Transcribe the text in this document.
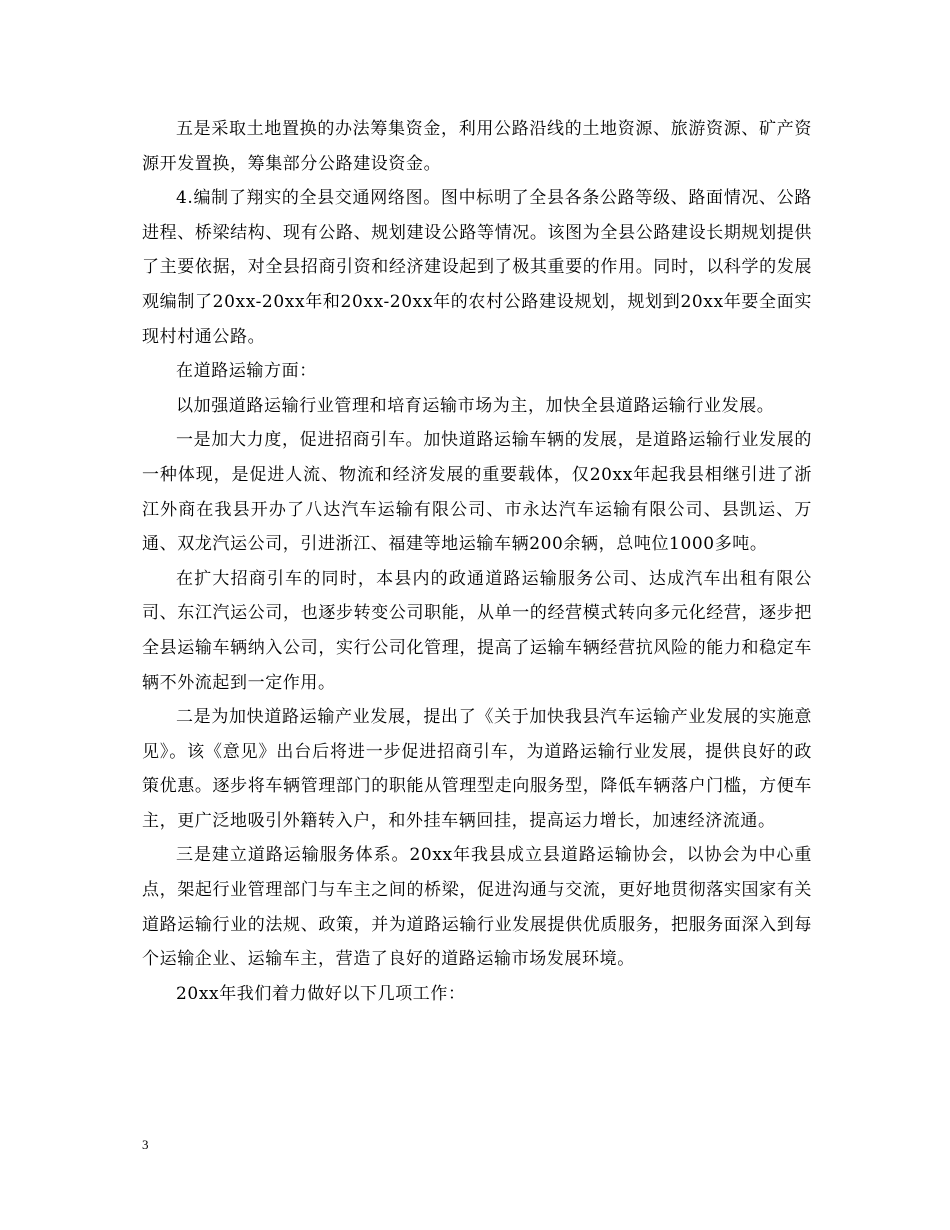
五是采取土地置换的办法筹集资金，利用公路沿线的土地资源、旅游资源、矿产资源开发置换，筹集部分公路建设资金。

4.编制了翔实的全县交通网络图。图中标明了全县各条公路等级、路面情况、公路进程、桥梁结构、现有公路、规划建设公路等情况。该图为全县公路建设长期规划提供了主要依据，对全县招商引资和经济建设起到了极其重要的作用。同时，以科学的发展观编制了20xx-20xx年和20xx-20xx年的农村公路建设规划，规划到20xx年要全面实现村村通公路。

在道路运输方面：

以加强道路运输行业管理和培育运输市场为主，加快全县道路运输行业发展。

一是加大力度，促进招商引车。加快道路运输车辆的发展，是道路运输行业发展的一种体现，是促进人流、物流和经济发展的重要载体，仅20xx年起我县相继引进了浙江外商在我县开办了八达汽车运输有限公司、市永达汽车运输有限公司、县凯运、万通、双龙汽运公司，引进浙江、福建等地运输车辆200余辆，总吨位1000多吨。

在扩大招商引车的同时，本县内的政通道路运输服务公司、达成汽车出租有限公司、东江汽运公司，也逐步转变公司职能，从单一的经营模式转向多元化经营，逐步把全县运输车辆纳入公司，实行公司化管理，提高了运输车辆经营抗风险的能力和稳定车辆不外流起到一定作用。

二是为加快道路运输产业发展，提出了《关于加快我县汽车运输产业发展的实施意见》。该《意见》出台后将进一步促进招商引车，为道路运输行业发展，提供良好的政策优惠。逐步将车辆管理部门的职能从管理型走向服务型，降低车辆落户门槛，方便车主，更广泛地吸引外籍转入户，和外挂车辆回挂，提高运力增长，加速经济流通。

三是建立道路运输服务体系。20xx年我县成立县道路运输协会，以协会为中心重点，架起行业管理部门与车主之间的桥梁，促进沟通与交流，更好地贯彻落实国家有关道路运输行业的法规、政策，并为道路运输行业发展提供优质服务，把服务面深入到每个运输企业、运输车主，营造了良好的道路运输市场发展环境。

20xx年我们着力做好以下几项工作：

3
